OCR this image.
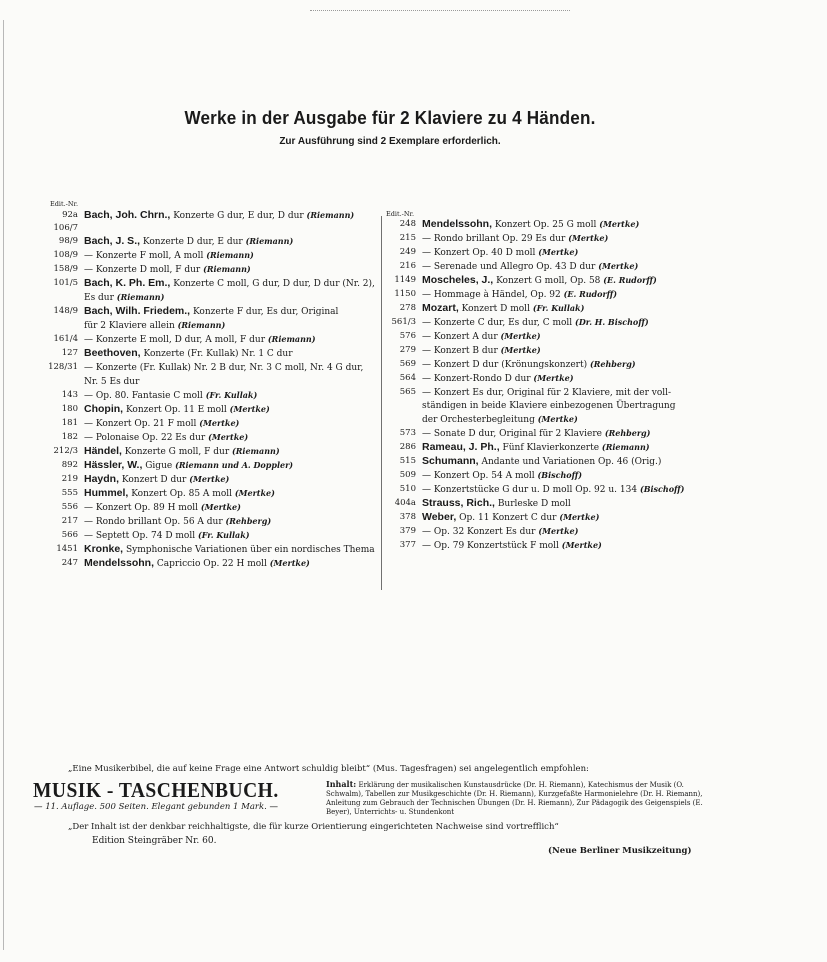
Werke in der Ausgabe für 2 Klaviere zu 4 Händen.
Zur Ausführung sind 2 Exemplare erforderlich.
Edit.-Nr.
92a
106/7
Bach, Joh. Chrn., Konzerte G dur, E dur, D dur (Riemann)
98/9 Bach, J. S., Konzerte D dur, E dur (Riemann)
108/9 — Konzerte F moll, A moll (Riemann)
158/9 — Konzerte D moll, F dur (Riemann)
101/5 Bach, K. Ph. Em., Konzerte C moll, G dur, D dur, D dur (Nr. 2),
Es dur (Riemann)
148/9 Bach, Wilh. Friedem., Konzerte F dur, Es dur, Original
für 2 Klaviere allein (Riemann)
161/4 — Konzerte E moll, D dur, A moll, F dur (Riemann)
127 Beethoven, Konzerte (Fr. Kullak) Nr. 1 C dur
128/31 — Konzerte (Fr. Kullak) Nr. 2 B dur, Nr. 3 C moll, Nr. 4 G dur,
Nr. 5 Es dur
143 — Op. 80. Fantasie C moll (Fr. Kullak)
180 Chopin, Konzert Op. 11 E moll (Mertke)
181 — Konzert Op. 21 F moll (Mertke)
182 — Polonaise Op. 22 Es dur (Mertke)
212/3 Händel, Konzerte G moll, F dur (Riemann)
892 Hässler, W., Gigue (Riemann und A. Doppler)
219 Haydn, Konzert D dur (Mertke)
555 Hummel, Konzert Op. 85 A moll (Mertke)
556 — Konzert Op. 89 H moll (Mertke)
217 — Rondo brillant Op. 56 A dur (Rehberg)
566 — Septett Op. 74 D moll (Fr. Kullak)
1451 Kronke, Symphonische Variationen über ein nordisches Thema
247 Mendelssohn, Capriccio Op. 22 H moll (Mertke)
Edit.-Nr.
248 Mendelssohn, Konzert Op. 25 G moll (Mertke)
215 — Rondo brillant Op. 29 Es dur (Mertke)
249 — Konzert Op. 40 D moll (Mertke)
216 — Serenade und Allegro Op. 43 D dur (Mertke)
1149 Moscheles, J., Konzert G moll, Op. 58 (E. Rudorff)
1150 — Hommage à Händel, Op. 92 (E. Rudorff)
278 Mozart, Konzert D moll (Fr. Kullak)
561/3 — Konzerte C dur, Es dur, C moll (Dr. H. Bischoff)
576 — Konzert A dur (Mertke)
279 — Konzert B dur (Mertke)
569 — Konzert D dur (Krönungskonzert) (Rehberg)
564 — Konzert-Rondo D dur (Mertke)
565 — Konzert Es dur, Original für 2 Klaviere, mit der voll-
ständigen in beide Klaviere einbezogenen Übertragung
der Orchesterbegleitung (Mertke)
573 — Sonate D dur, Original für 2 Klaviere (Rehberg)
286 Rameau, J. Ph., Fünf Klavierkonzerte (Riemann)
515 Schumann, Andante und Variationen Op. 46 (Orig.)
509 — Konzert Op. 54 A moll (Bischoff)
510 — Konzertstücke G dur u. D moll Op. 92 u. 134 (Bischoff)
404a Strauss, Rich., Burleske D moll
378 Weber, Op. 11 Konzert C dur (Mertke)
379 — Op. 32 Konzert Es dur (Mertke)
377 — Op. 79 Konzertstück F moll (Mertke)
„Eine Musikerbibel, die auf keine Frage eine Antwort schuldig bleibt“ (Mus. Tagesfragen) sei angelegentlich empfohlen:
MUSIK - TASCHENBUCH.	Inhalt: Erklärung der musikalischen Kunstausdrücke (Dr. H. Riemann), Katechismus der Musik (O. Schwalm), Tabellen zur Musikgeschichte (Dr. H. Riemann), Kurzgefaßte Harmonielehre (Dr. H. Riemann), Anleitung zum Gebrauch der Technischen Übungen (Dr. H. Riemann), Zur Pädagogik des Geigenspiels (E. Beyer), Unterrichts- u. Stundenkont
— 11. Auflage. 500 Seiten. Elegant gebunden 1 Mark. —
„Der Inhalt ist der denkbar reichhaltigste, die für kurze Orientierung eingerichteten Nachweise sind vortrefflich“
Edition Steingräber Nr. 60.
(Neue Berliner Musikzeitung)
